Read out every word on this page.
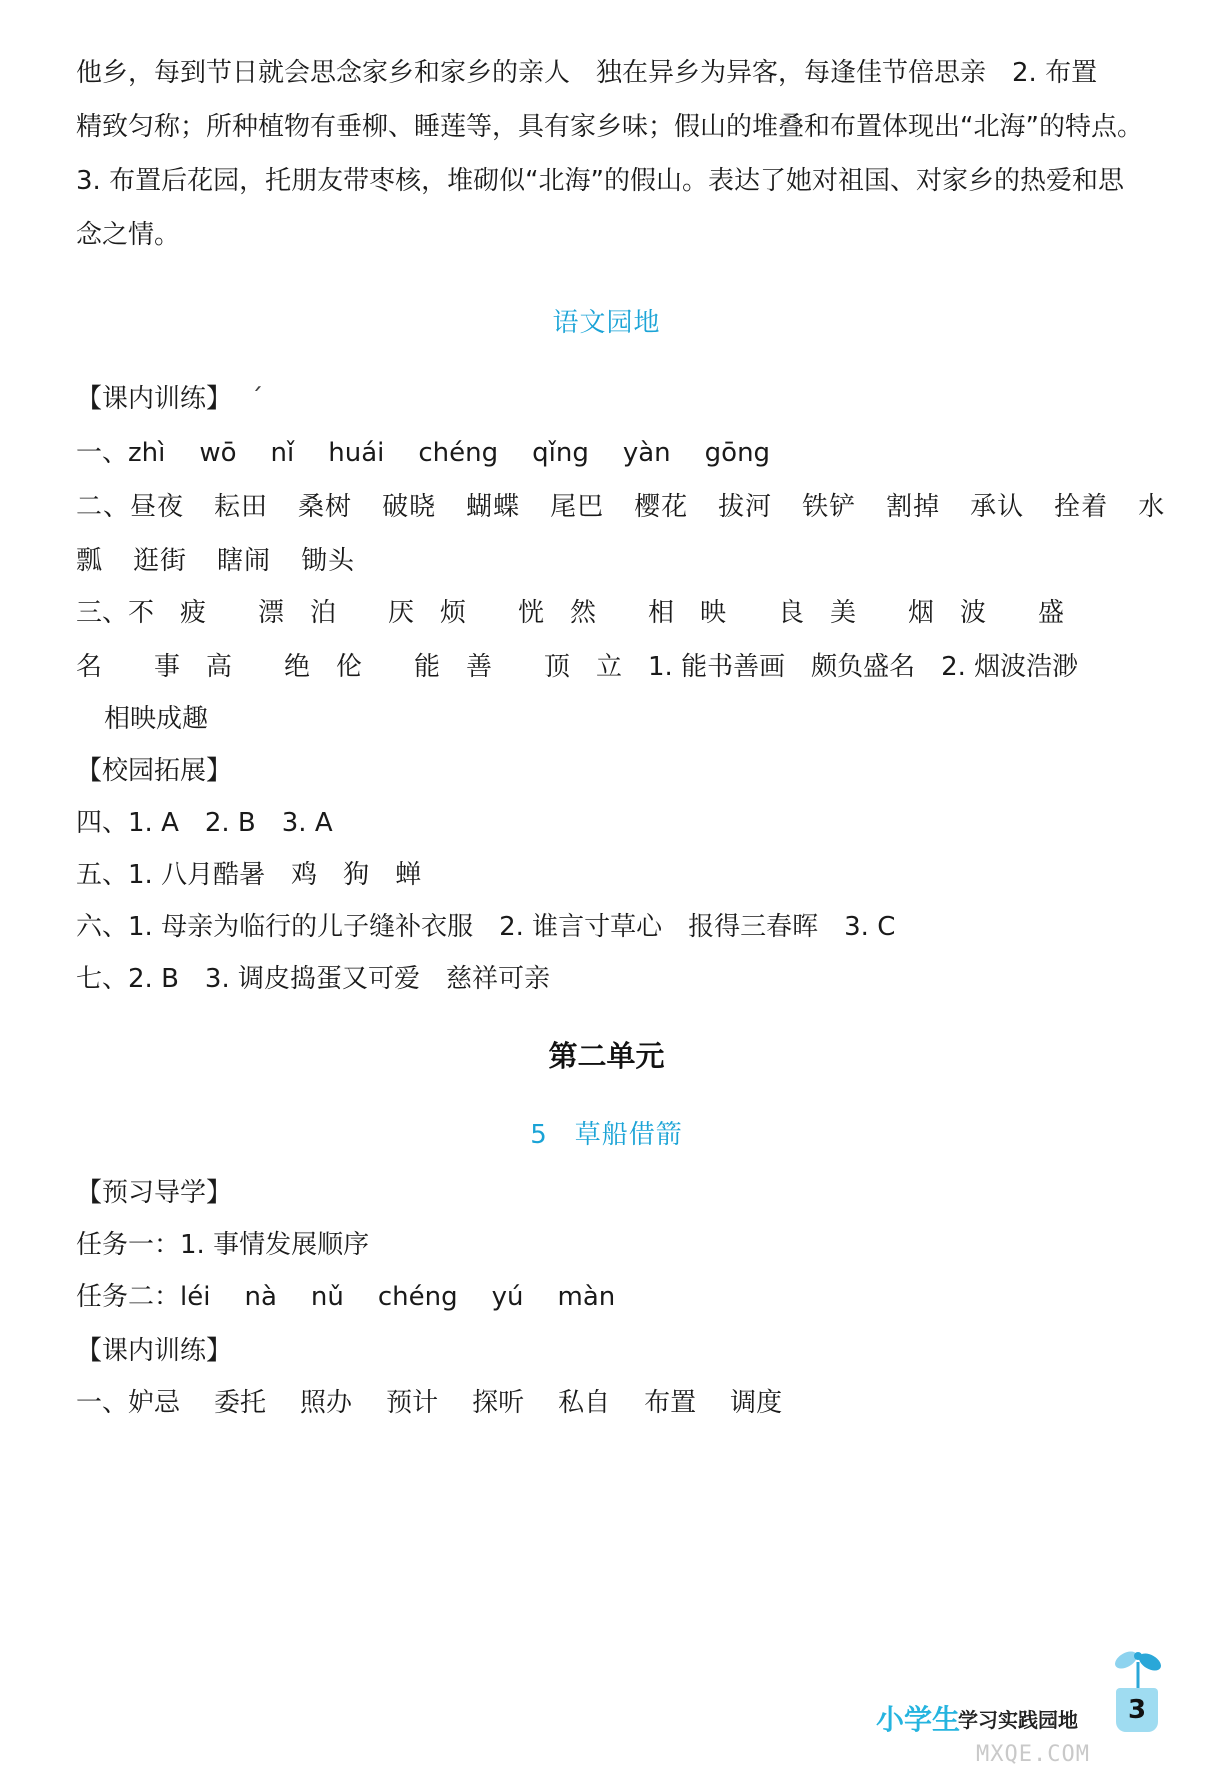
他乡，每到节日就会思念家乡和家乡的亲人　独在异乡为异客，每逢佳节倍思亲　2. 布置
精致匀称；所种植物有垂柳、睡莲等，具有家乡味；假山的堆叠和布置体现出“北海”的特点。
3. 布置后花园，托朋友带枣核，堆砌似“北海”的假山。表达了她对祖国、对家乡的热爱和思
念之情。
语文园地
【课内训练】 ˊ
一、zhì wō nǐ huái chéng qǐng yàn gōng
二、昼夜 耘田 桑树 破晓 蝴蝶 尾巴 樱花 拔河 铁铲 割掉 承认 拴着 水
瓢 逛街 瞎闹 锄头
三、不　疲　　漂　泊　　厌　烦　　恍　然　　相　映　　良　美　　烟　波　　盛
名　　事　高　　绝　伦　　能　善　　顶　立　1. 能书善画　颇负盛名　2. 烟波浩渺
相映成趣
【校园拓展】
四、1. A　2. B　3. A
五、1. 八月酷暑　鸡　狗　蝉
六、1. 母亲为临行的儿子缝补衣服　2. 谁言寸草心　报得三春晖　3. C
七、2. B　3. 调皮捣蛋又可爱　慈祥可亲
第二单元
5　草船借箭
【预习导学】
任务一：1. 事情发展顺序
任务二：léi nà nǔ chéng yú màn
【课内训练】
一、妒忌 委托 照办 预计 探听 私自 布置 调度
小学生
学习实践园地	3
MXQE.COM
